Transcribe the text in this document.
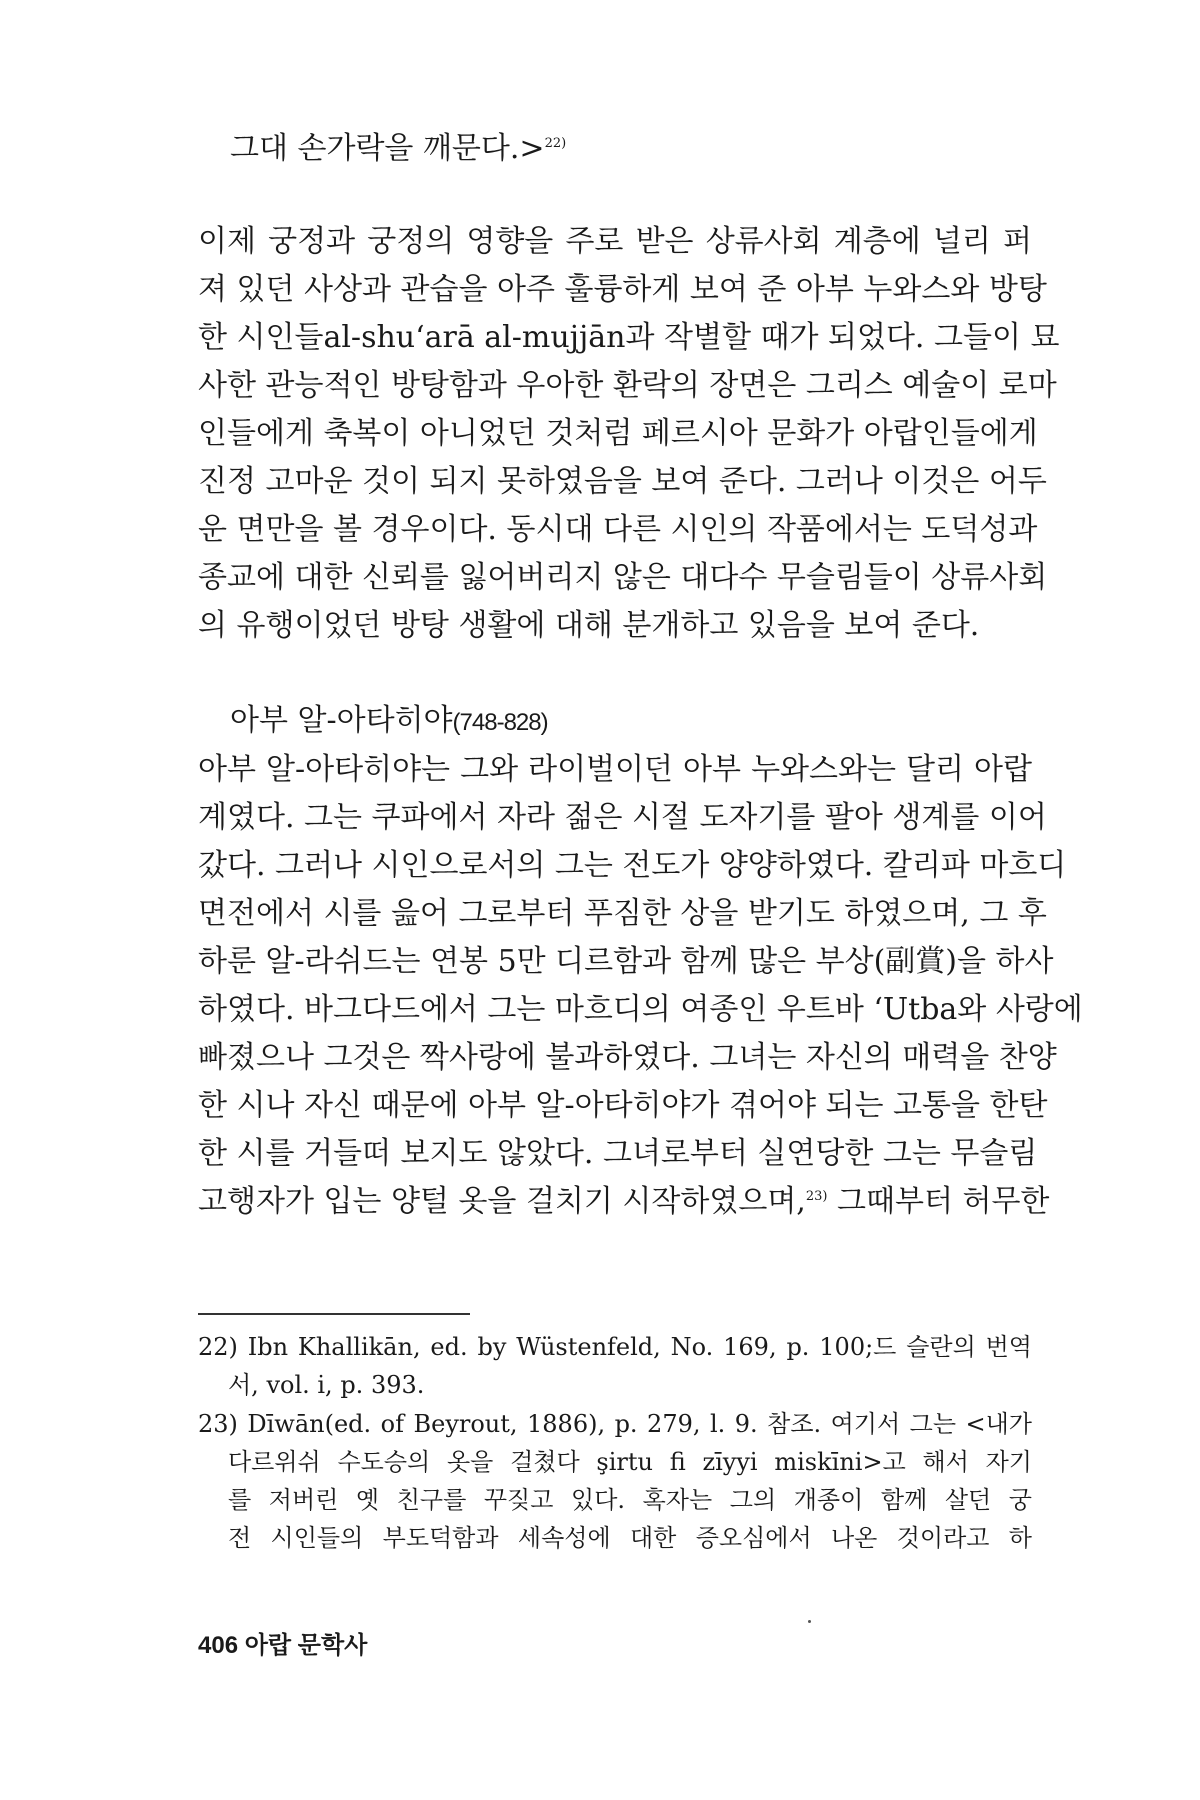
그대 손가락을 깨문다.>$^{22)}$
이제 궁정과 궁정의 영향을 주로 받은 상류사회 계층에 널리 퍼
져 있던 사상과 관습을 아주 훌륭하게 보여 준 아부 누와스와 방탕
한 시인들al-shu‘arā al-mujjān과 작별할 때가 되었다. 그들이 묘
사한 관능적인 방탕함과 우아한 환락의 장면은 그리스 예술이 로마
인들에게 축복이 아니었던 것처럼 페르시아 문화가 아랍인들에게
진정 고마운 것이 되지 못하였음을 보여 준다. 그러나 이것은 어두
운 면만을 볼 경우이다. 동시대 다른 시인의 작품에서는 도덕성과
종교에 대한 신뢰를 잃어버리지 않은 대다수 무슬림들이 상류사회
의 유행이었던 방탕 생활에 대해 분개하고 있음을 보여 준다.
아부 알-아타히야(748-828)
아부 알-아타히야는 그와 라이벌이던 아부 누와스와는 달리 아랍
계였다. 그는 쿠파에서 자라 젊은 시절 도자기를 팔아 생계를 이어
갔다. 그러나 시인으로서의 그는 전도가 양양하였다. 칼리파 마흐디
면전에서 시를 읊어 그로부터 푸짐한 상을 받기도 하였으며, 그 후
하룬 알-라쉬드는 연봉 5만 디르함과 함께 많은 부상(副賞)을 하사
하였다. 바그다드에서 그는 마흐디의 여종인 우트바 ‘Utba와 사랑에
빠졌으나 그것은 짝사랑에 불과하였다. 그녀는 자신의 매력을 찬양
한 시나 자신 때문에 아부 알-아타히야가 겪어야 되는 고통을 한탄
한 시를 거들떠 보지도 않았다. 그녀로부터 실연당한 그는 무슬림
고행자가 입는 양털 옷을 걸치기 시작하였으며,$^{23)}$ 그때부터 허무한
22) Ibn Khallikān, ed. by Wüstenfeld, No. 169, p. 100;드 슬란의 번역
서, vol. i, p. 393.
23) Dīwān(ed. of Beyrout, 1886), p. 279, l. 9. 참조. 여기서 그는 <내가
다르위쉬 수도승의 옷을 걸쳤다 şirtu fi zīyyi miskīni>고 해서 자기
를 저버린 옛 친구를 꾸짖고 있다. 혹자는 그의 개종이 함께 살던 궁
전 시인들의 부도덕함과 세속성에 대한 증오심에서 나온 것이라고 하
406 아랍 문학사
